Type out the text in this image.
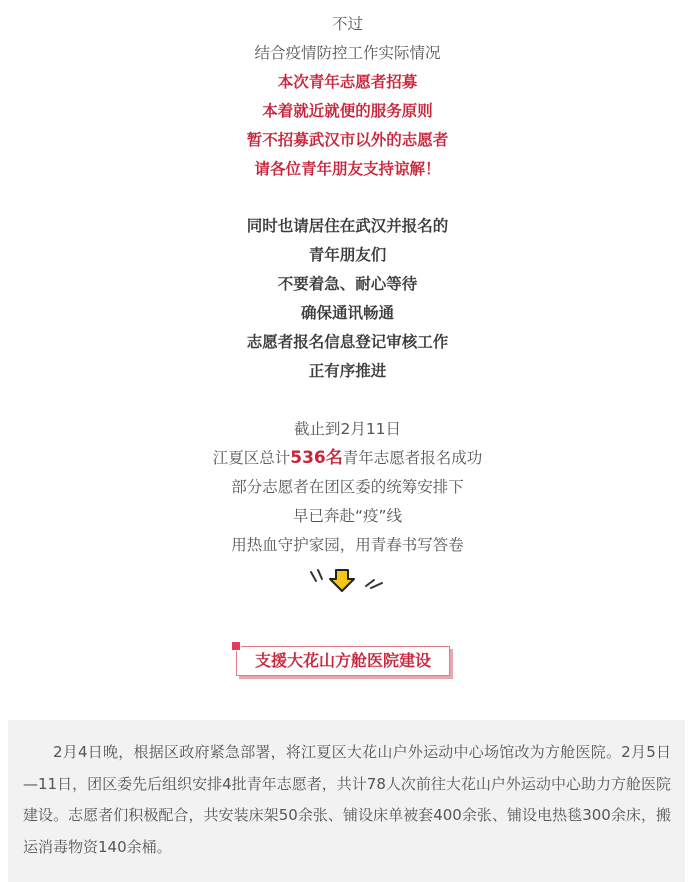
不过
结合疫情防控工作实际情况
本次青年志愿者招募
本着就近就便的服务原则
暂不招募武汉市以外的志愿者
请各位青年朋友支持谅解！
同时也请居住在武汉并报名的
青年朋友们
不要着急、耐心等待
确保通讯畅通
志愿者报名信息登记审核工作
正有序推进
截止到2月11日
江夏区总计536名青年志愿者报名成功
部分志愿者在团区委的统筹安排下
早已奔赴“疫”线
用热血守护家园，用青春书写答卷
支援大花山方舱医院建设

2月4日晚，根据区政府紧急部署，将江夏区大花山户外运动中心场馆改为方舱医院。2月5日—11日，团区委先后组织安排4批青年志愿者，共计78人次前往大花山户外运动中心助力方舱医院建设。志愿者们积极配合，共安装床架50余张、铺设床单被套400余张、铺设电热毯300余床，搬运消毒物资140余桶。
